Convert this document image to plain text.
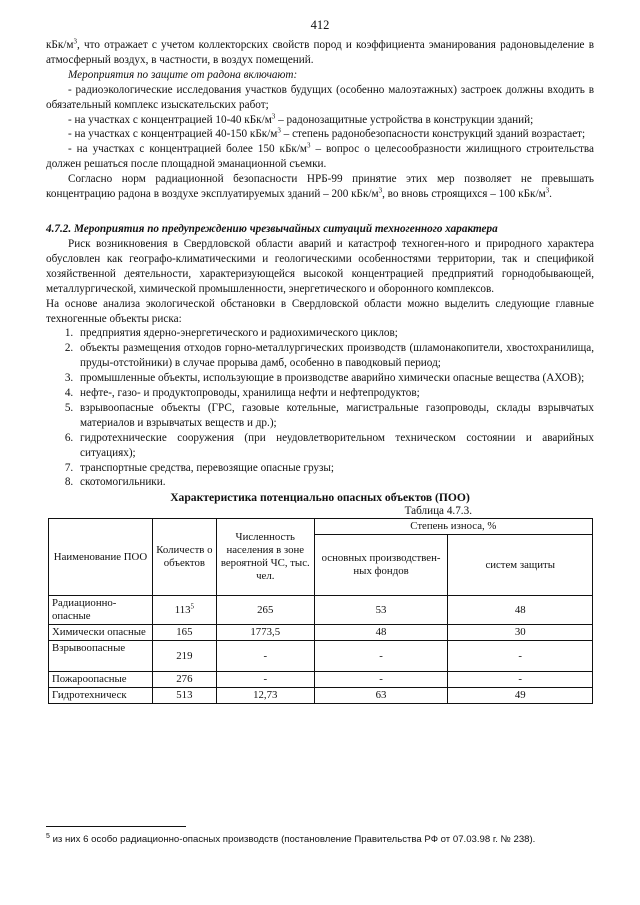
412

кБк/$м^3$, что отражает с учетом коллекторских свойств пород и коэффициента эманирования радоновыделение в атмосферный воздух, в частности, в воздух помещений.

Мероприятия по защите от радона включают:

- радиоэкологические исследования участков будущих (особенно малоэтажных) застроек должны входить в обязательный комплекс изыскательских работ;

- на участках с концентрацией 10-40 кБк/$м^3$ – радонозащитные устройства в конструкции зданий;

- на участках с концентрацией 40-150 кБк/$м^3$ – степень радонобезопасности конструкций зданий возрастает;

- на участках с концентрацией более 150 кБк/$м^3$ – вопрос о целесообразности жилищного строительства должен решаться после площадной эманационной съемки.

Согласно норм радиационной безопасности НРБ-99 принятие этих мер позволяет не превышать концентрацию радона в воздухе эксплуатируемых зданий – 200 кБк/$м^3$, во вновь строящихся – 100 кБк/$м^3$.

4.7.2. Мероприятия по предупреждению чрезвычайных ситуаций техногенного характера

Риск возникновения в Свердловской области аварий и катастроф техноген-ного и природного характера обусловлен как географо-климатическими и геологическими особенностями территории, так и спецификой хозяйственной деятельности, характеризующейся высокой концентрацией предприятий горнодобывающей, металлургической, химической промышленности, энергетического и оборонного комплексов.

На основе анализа экологической обстановки в Свердловской области можно выделить следующие главные техногенные объекты риска:

1. предприятия ядерно-энергетического и радиохимического циклов;
2. объекты размещения отходов горно-металлургических производств (шламонакопители, хвостохранилища, пруды-отстойники) в случае прорыва дамб, особенно в паводковый период;
3. промышленные объекты, использующие в производстве аварийно химически опасные вещества (АХОВ);
4. нефте-, газо- и продуктопроводы, хранилища нефти и нефтепродуктов;
5. взрывоопасные объекты (ГРС, газовые котельные, магистральные газопроводы, склады взрывчатых материалов и взрывчатых веществ и др.);
6. гидротехнические сооружения (при неудовлетворительном техническом состоянии и аварийных ситуациях);
7. транспортные средства, перевозящие опасные грузы;
8. скотомогильники.
Характеристика потенциально опасных объектов (ПОО)
Таблица 4.7.3.
Наименование ПОО	Количеств о объектов	Численность населения в зоне вероятной ЧС, тыс. чел.	Степень износа, %	
			основных производствен-ных фондов	систем защиты
Радиационно-опасные	$113^5$	265	53	48
Химически опасные	165	1773,5	48	30
Взрывоопасные	219	-	-	-
Пожароопасные	276	-	-	-
Гидротехническ	513	12,73	63	49
$^5$ из них 6 особо радиационно-опасных производств (постановление Правительства РФ от 07.03.98 г. № 238).
